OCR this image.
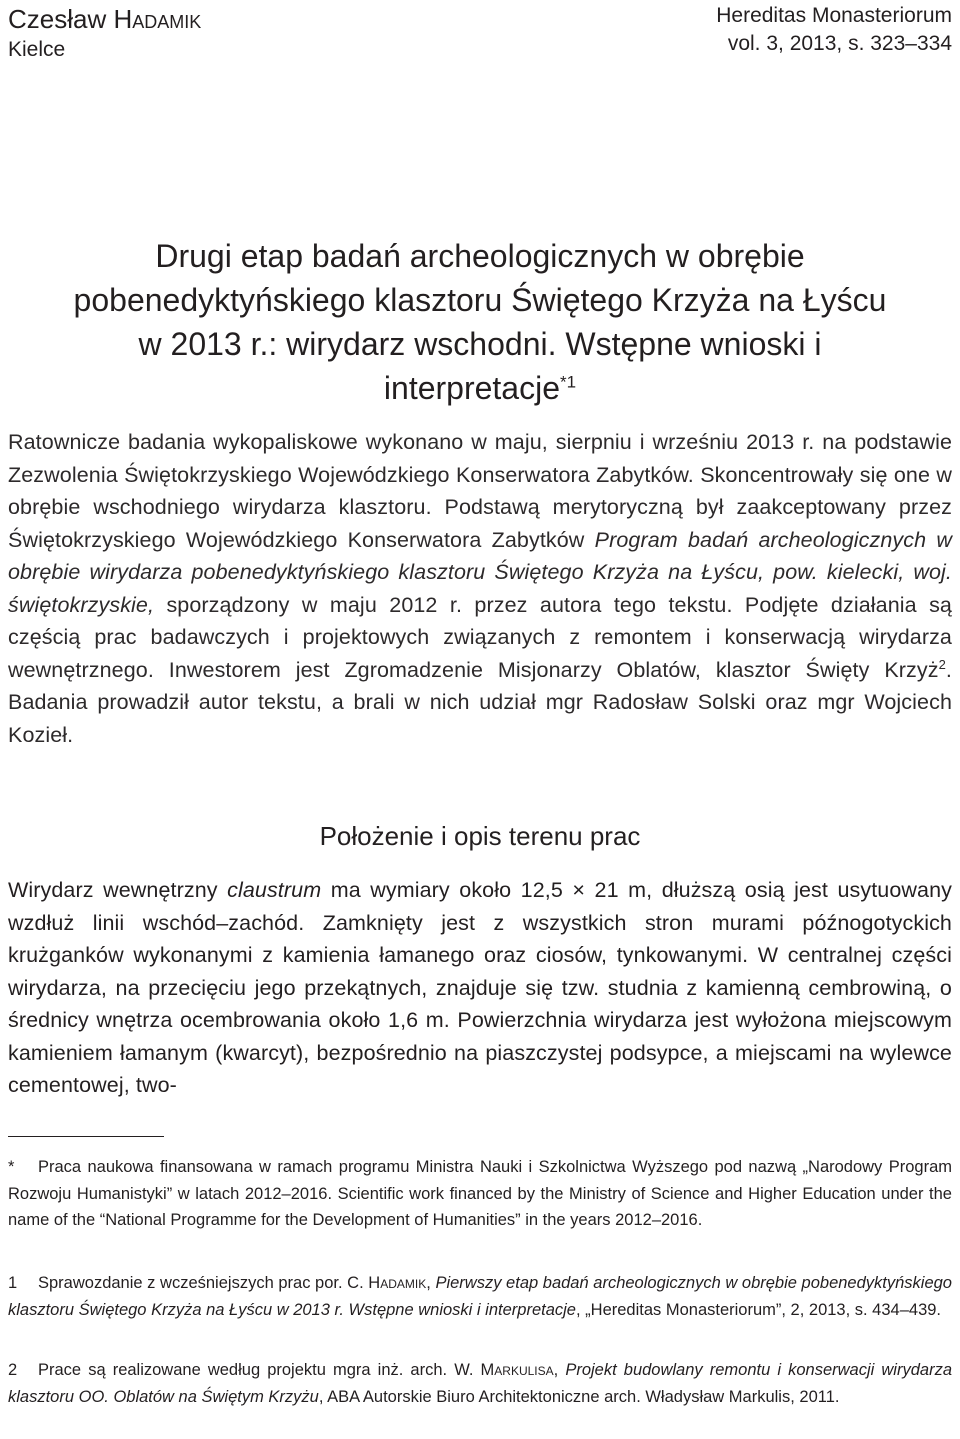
Czesław Hadamik
Kielce
Hereditas Monasteriorum
vol. 3, 2013, s. 323–334
Drugi etap badań archeologicznych w obrębie
pobenedyktyńskiego klasztoru Świętego Krzyża na Łyścu
w 2013 r.: wirydarz wschodni. Wstępne wnioski i interpretacje$^{*1}$

Ratownicze badania wykopaliskowe wykonano w maju, sierpniu i wrześniu 2013 r. na podstawie Zezwolenia Świętokrzyskiego Wojewódzkiego Konserwatora Zabytków. Skoncentrowały się one w obrębie wschodniego wirydarza klasztoru. Podstawą merytoryczną był zaakceptowany przez Świętokrzyskiego Wojewódzkiego Konserwatora Zabytków Program badań archeologicznych w obrębie wirydarza pobenedyktyńskiego klasztoru Świętego Krzyża na Łyścu, pow. kielecki, woj. świętokrzyskie, sporządzony w maju 2012 r. przez autora tego tekstu. Podjęte działania są częścią prac badawczych i projektowych związanych z remontem i konserwacją wirydarza wewnętrznego. Inwestorem jest Zgromadzenie Misjonarzy Oblatów, klasztor Święty Krzyż$^2$. Badania prowadził autor tekstu, a brali w nich udział mgr Radosław Solski oraz mgr Wojciech Kozieł.

Położenie i opis terenu prac

Wirydarz wewnętrzny claustrum ma wymiary około 12,5 × 21 m, dłuższą osią jest usytuowany wzdłuż linii wschód–zachód. Zamknięty jest z wszystkich stron murami późnogotyckich krużganków wykonanymi z kamienia łamanego oraz ciosów, tynkowanymi. W centralnej części wirydarza, na przecięciu jego przekątnych, znajduje się tzw. studnia z kamienną cembrowiną, o średnicy wnętrza ocembrowania około 1,6 m. Powierzchnia wirydarza jest wyłożona miejscowym kamieniem łamanym (kwarcyt), bezpośrednio na piaszczystej podsypce, a miejscami na wylewce cementowej, two-

* Praca naukowa finansowana w ramach programu Ministra Nauki i Szkolnictwa Wyższego pod nazwą „Narodowy Program Rozwoju Humanistyki” w latach 2012–2016. Scientific work financed by the Ministry of Science and Higher Education under the name of the “National Programme for the Development of Humanities” in the years 2012–2016.

1 Sprawozdanie z wcześniejszych prac por. C. Hadamik, Pierwszy etap badań archeologicznych w obrębie pobenedyktyńskiego klasztoru Świętego Krzyża na Łyścu w 2013 r. Wstępne wnioski i interpretacje, „Hereditas Monasteriorum”, 2, 2013, s. 434–439.

2 Prace są realizowane według projektu mgra inż. arch. W. Markulisa, Projekt budowlany remontu i konserwacji wirydarza klasztoru OO. Oblatów na Świętym Krzyżu, ABA Autorskie Biuro Architektoniczne arch. Władysław Markulis, 2011.
